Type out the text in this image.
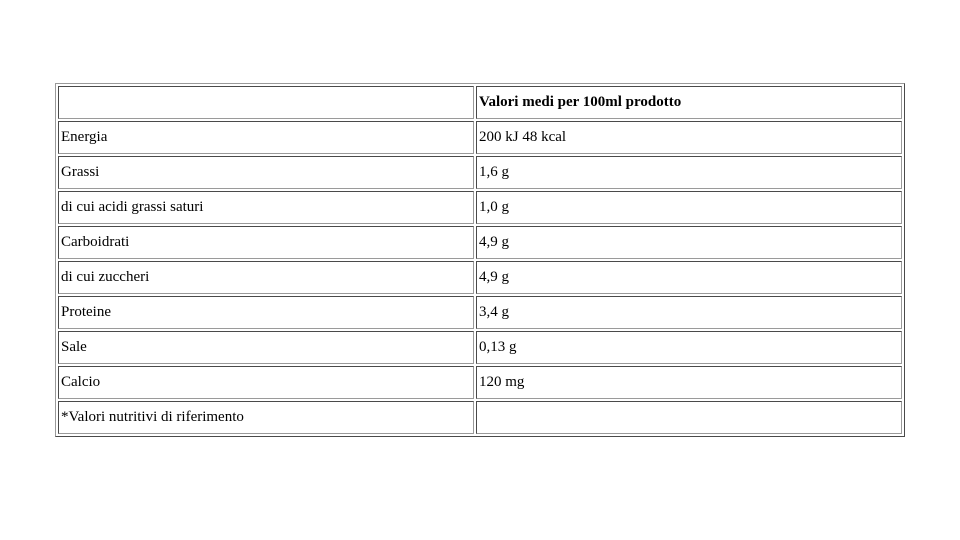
	Valori medi per 100ml prodotto
Energia	200 kJ 48 kcal
Grassi	1,6 g
di cui acidi grassi saturi	1,0 g
Carboidrati	4,9 g
di cui zuccheri	4,9 g
Proteine	3,4 g
Sale	0,13 g
Calcio	120 mg
*Valori nutritivi di riferimento	
